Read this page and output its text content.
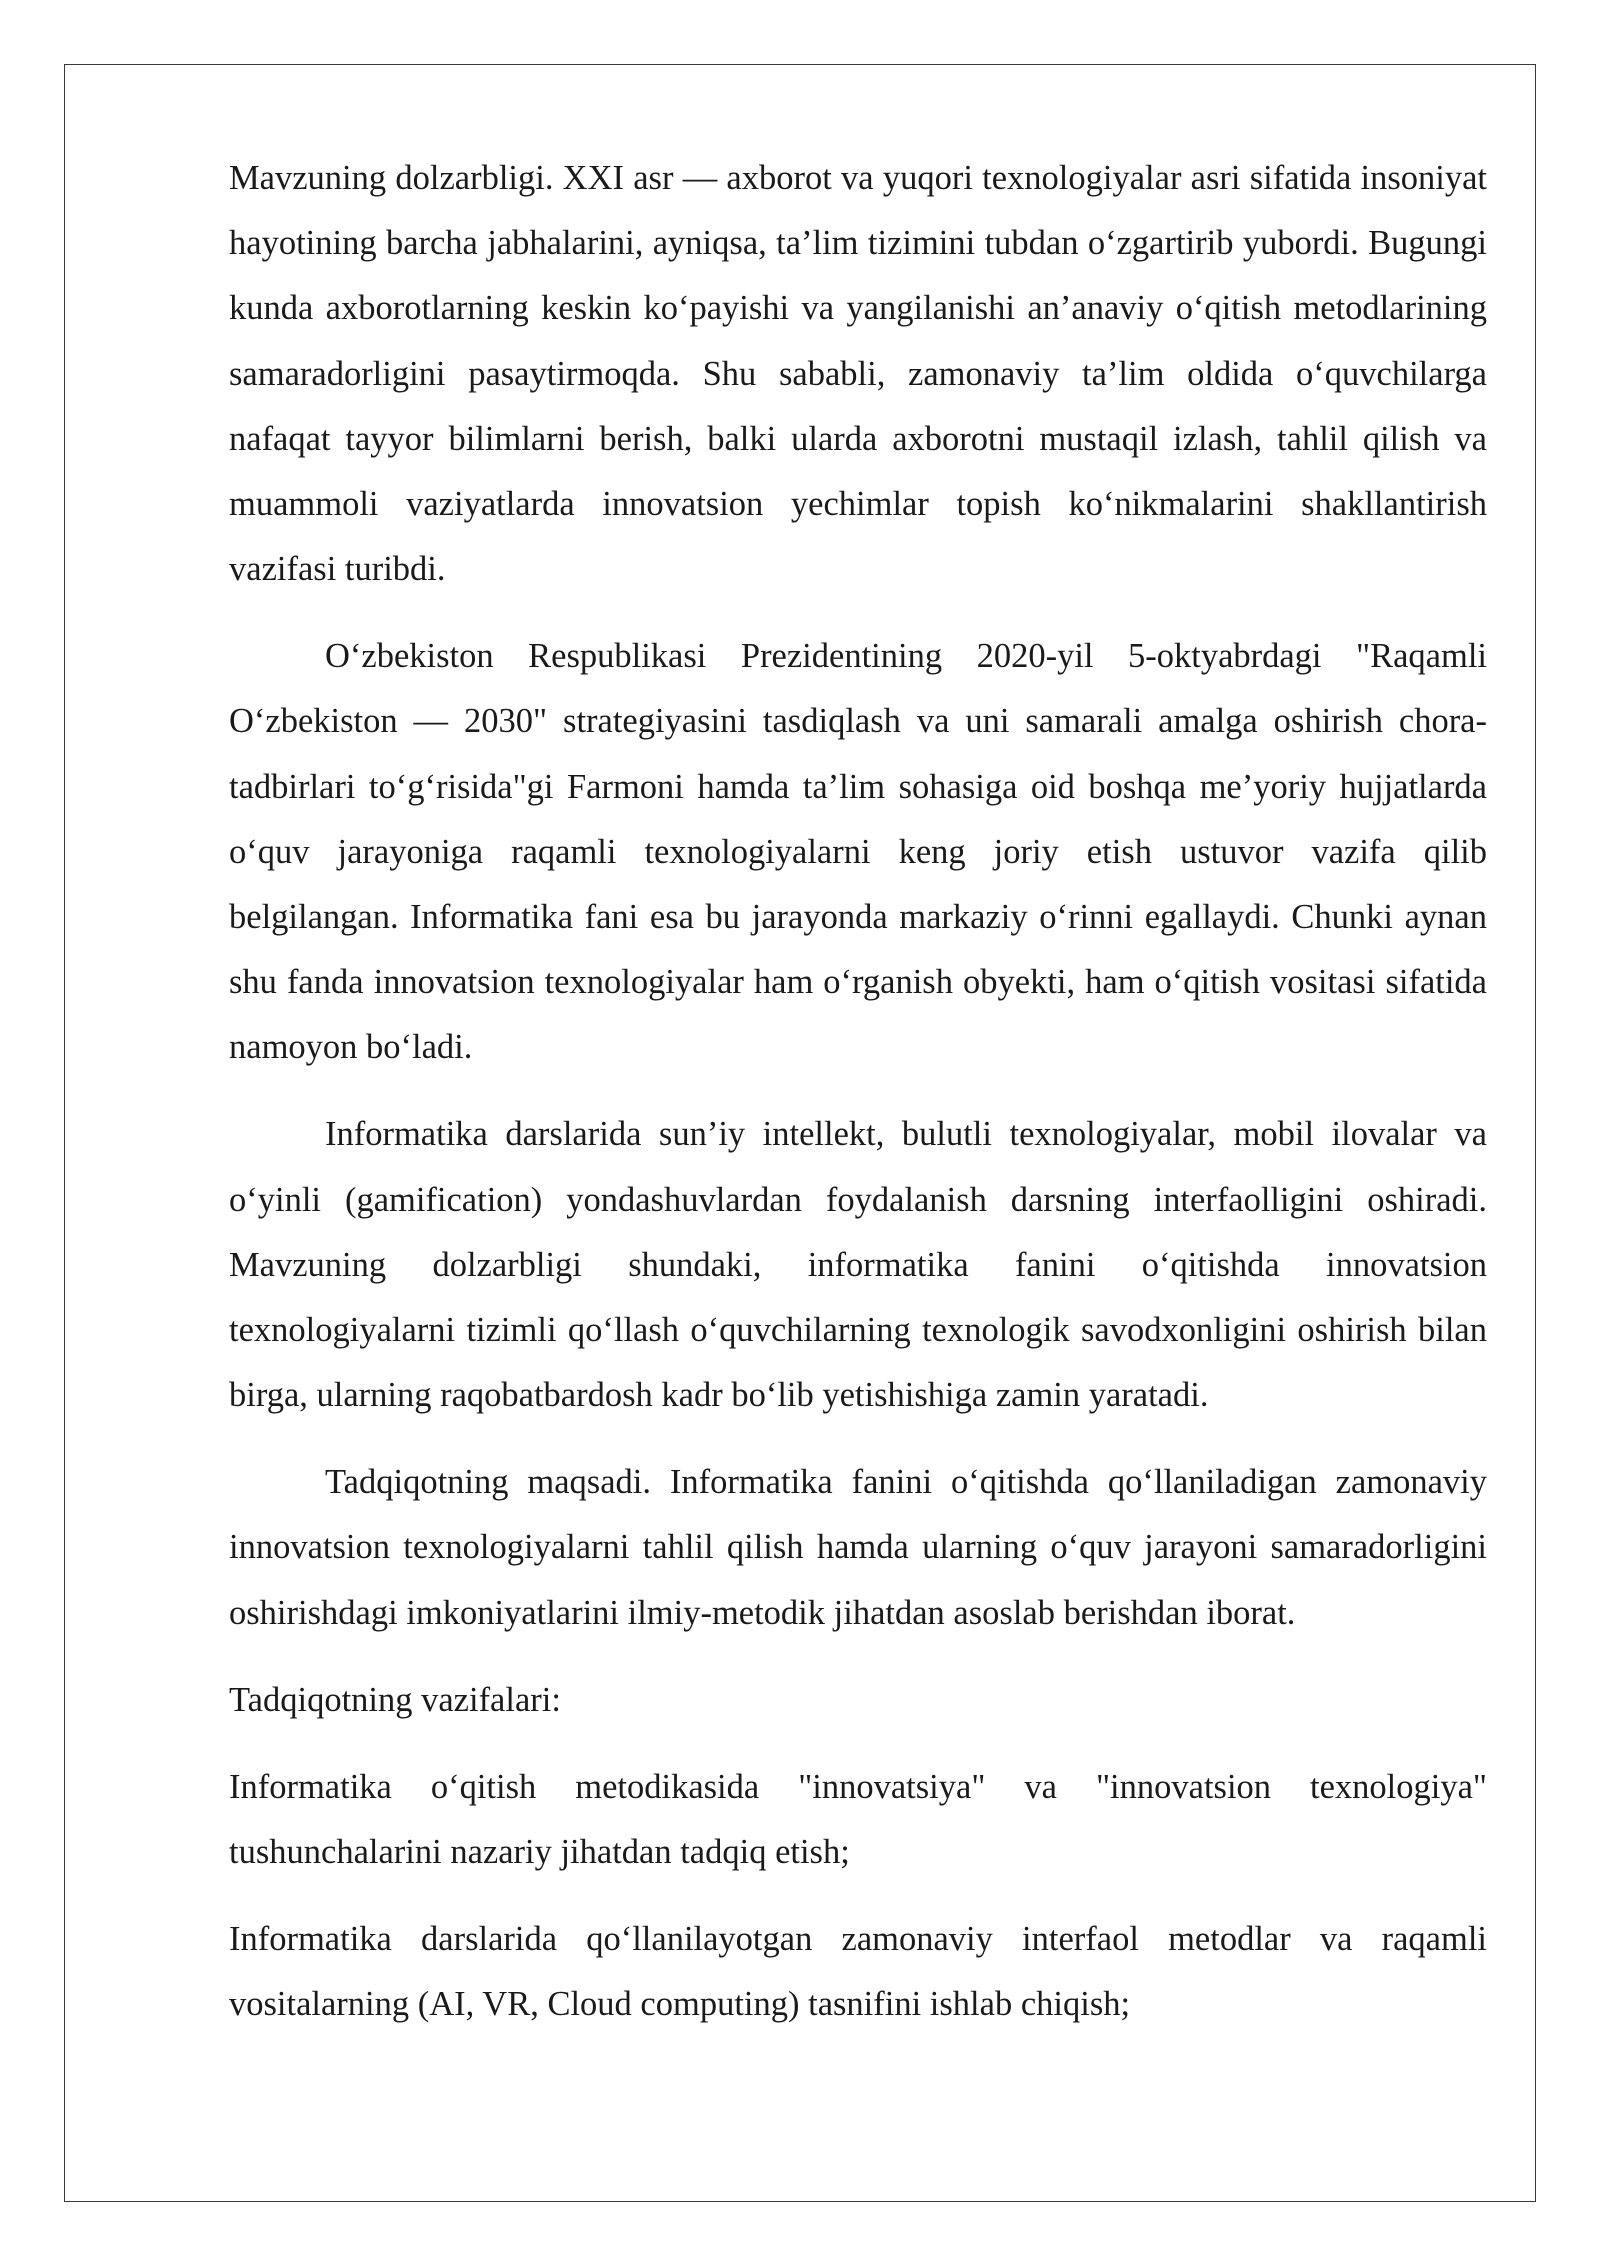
Mavzuning dolzarbligi. XXI asr — axborot va yuqori texnologiyalar asri sifatida insoniyat hayotining barcha jabhalarini, ayniqsa, ta’lim tizimini tubdan o‘zgartirib yubordi. Bugungi kunda axborotlarning keskin ko‘payishi va yangilanishi an’anaviy o‘qitish metodlarining samaradorligini pasaytirmoqda. Shu sababli, zamonaviy ta’lim oldida o‘quvchilarga nafaqat tayyor bilimlarni berish, balki ularda axborotni mustaqil izlash, tahlil qilish va muammoli vaziyatlarda innovatsion yechimlar topish ko‘nikmalarini shakllantirish vazifasi turibdi.

O‘zbekiston Respublikasi Prezidentining 2020-yil 5-oktyabrdagi "Raqamli O‘zbekiston — 2030" strategiyasini tasdiqlash va uni samarali amalga oshirish chora-tadbirlari to‘g‘risida"gi Farmoni hamda ta’lim sohasiga oid boshqa me’yoriy hujjatlarda o‘quv jarayoniga raqamli texnologiyalarni keng joriy etish ustuvor vazifa qilib belgilangan. Informatika fani esa bu jarayonda markaziy o‘rinni egallaydi. Chunki aynan shu fanda innovatsion texnologiyalar ham o‘rganish obyekti, ham o‘qitish vositasi sifatida namoyon bo‘ladi.

Informatika darslarida sun’iy intellekt, bulutli texnologiyalar, mobil ilovalar va o‘yinli (gamification) yondashuvlardan foydalanish darsning interfaolligini oshiradi. Mavzuning dolzarbligi shundaki, informatika fanini o‘qitishda innovatsion texnologiyalarni tizimli qo‘llash o‘quvchilarning texnologik savodxonligini oshirish bilan birga, ularning raqobatbardosh kadr bo‘lib yetishishiga zamin yaratadi.

Tadqiqotning maqsadi. Informatika fanini o‘qitishda qo‘llaniladigan zamonaviy innovatsion texnologiyalarni tahlil qilish hamda ularning o‘quv jarayoni samaradorligini oshirishdagi imkoniyatlarini ilmiy-metodik jihatdan asoslab berishdan iborat.

Tadqiqotning vazifalari:

Informatika o‘qitish metodikasida "innovatsiya" va "innovatsion texnologiya" tushunchalarini nazariy jihatdan tadqiq etish;

Informatika darslarida qo‘llanilayotgan zamonaviy interfaol metodlar va raqamli vositalarning (AI, VR, Cloud computing) tasnifini ishlab chiqish;
